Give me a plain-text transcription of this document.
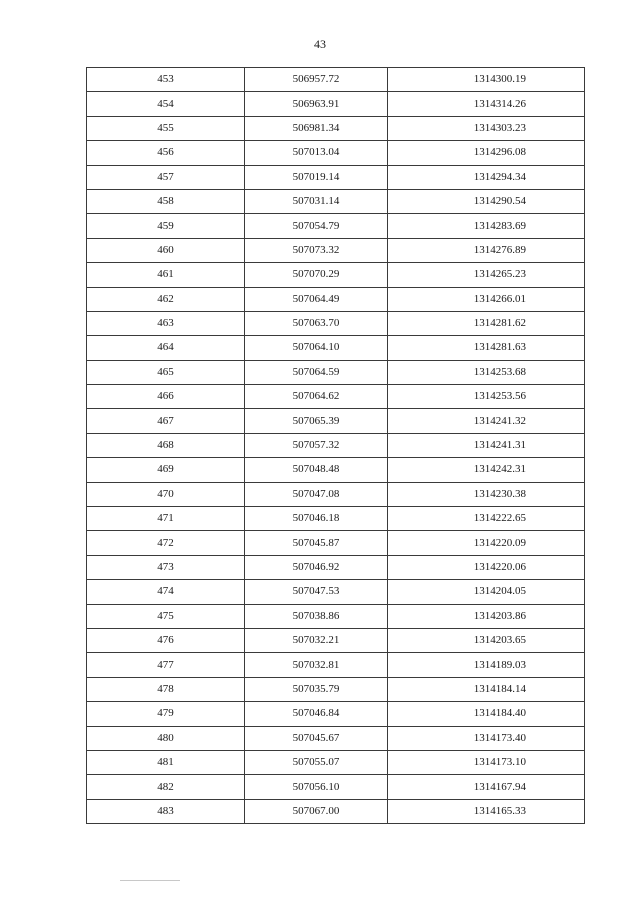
43
453	506957.72	1314300.19
454	506963.91	1314314.26
455	506981.34	1314303.23
456	507013.04	1314296.08
457	507019.14	1314294.34
458	507031.14	1314290.54
459	507054.79	1314283.69
460	507073.32	1314276.89
461	507070.29	1314265.23
462	507064.49	1314266.01
463	507063.70	1314281.62
464	507064.10	1314281.63
465	507064.59	1314253.68
466	507064.62	1314253.56
467	507065.39	1314241.32
468	507057.32	1314241.31
469	507048.48	1314242.31
470	507047.08	1314230.38
471	507046.18	1314222.65
472	507045.87	1314220.09
473	507046.92	1314220.06
474	507047.53	1314204.05
475	507038.86	1314203.86
476	507032.21	1314203.65
477	507032.81	1314189.03
478	507035.79	1314184.14
479	507046.84	1314184.40
480	507045.67	1314173.40
481	507055.07	1314173.10
482	507056.10	1314167.94
483	507067.00	1314165.33
